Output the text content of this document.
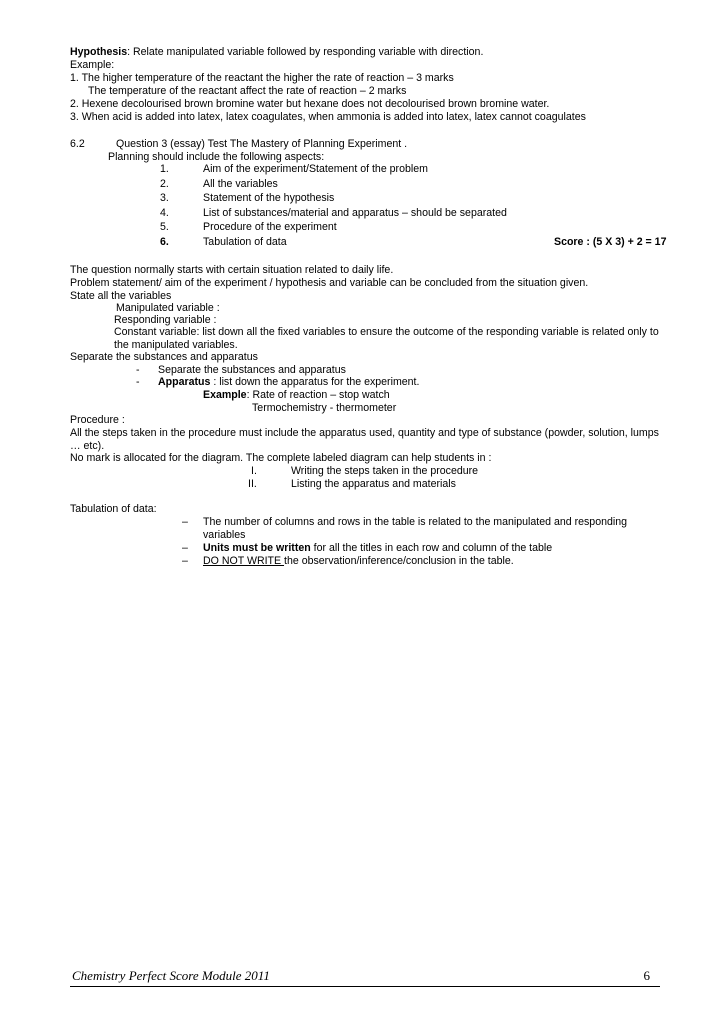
Hypothesis: Relate manipulated variable followed by responding variable with direction.
Example:
1. The higher temperature of the reactant the higher the rate of reaction – 3 marks
The temperature of the reactant affect the rate of reaction – 2 marks
2. Hexene decolourised brown bromine water but hexane does not decolourised brown bromine water.
3. When acid is added into latex, latex coagulates, when ammonia is added into latex, latex cannot coagulates
6.2	Question 3 (essay) Test The Mastery of Planning Experiment .
Planning should include the following aspects:
1.	Aim of the experiment/Statement of the problem
2.	All the variables
3.	Statement of the hypothesis
4.	List of substances/material and apparatus – should be separated
5.	Procedure of the experiment
6.	Tabulation of data	Score : (5 X 3) + 2 = 17
The question normally starts with certain situation related to daily life.
Problem statement/ aim of the experiment / hypothesis and variable can be concluded from the situation given.
State all the variables
Manipulated variable :
Responding variable :
Constant variable: list down all the fixed variables to ensure the outcome of the responding variable is related only to
the manipulated variables.
Separate the substances and apparatus
- Separate the substances and apparatus
- Apparatus : list down the apparatus for the experiment.
Example: Rate of reaction – stop watch
Termochemistry - thermometer
Procedure :
All the steps taken in the procedure must include the apparatus used, quantity and type of substance (powder, solution, lumps
… etc).
No mark is allocated for the diagram. The complete labeled diagram can help students in :
I.	Writing the steps taken in the procedure
II.	Listing the apparatus and materials
Tabulation of data:
– The number of columns and rows in the table is related to the manipulated and responding
variables
– Units must be written for all the titles in each row and column of the table
– DO NOT WRITE the observation/inference/conclusion in the table.
Chemistry Perfect Score Module 2011	6
